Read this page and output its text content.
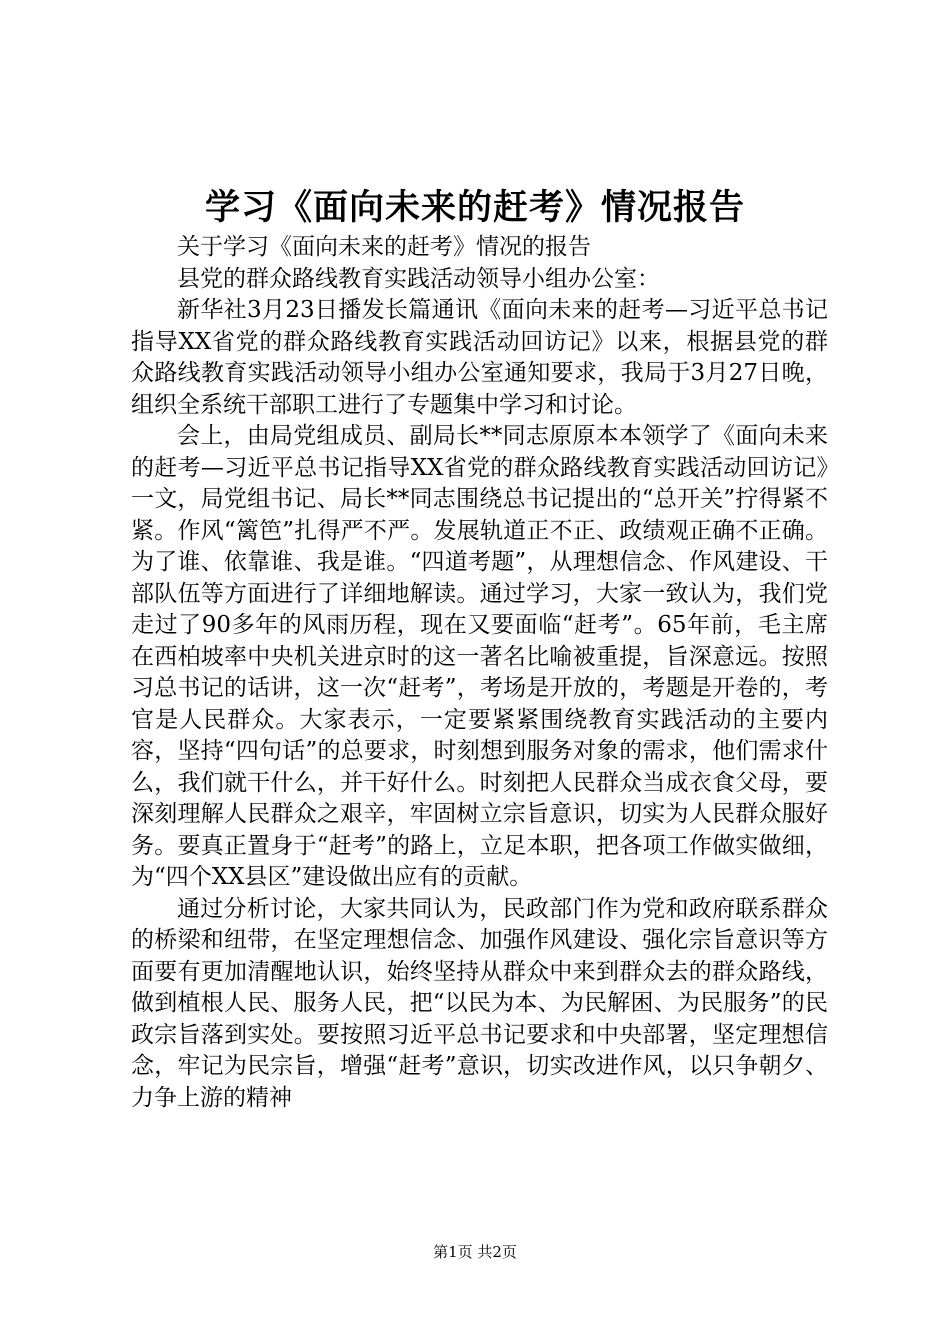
学习《面向未来的赶考》情况报告

关于学习《面向未来的赶考》情况的报告

县党的群众路线教育实践活动领导小组办公室：

新华社3月23日播发长篇通讯《面向未来的赶考—习近平总书记指导XX省党的群众路线教育实践活动回访记》以来，根据县党的群众路线教育实践活动领导小组办公室通知要求，我局于3月27日晚，组织全系统干部职工进行了专题集中学习和讨论。

会上，由局党组成员、副局长**同志原原本本领学了《面向未来的赶考—习近平总书记指导XX省党的群众路线教育实践活动回访记》一文，局党组书记、局长**同志围绕总书记提出的“总开关”拧得紧不紧。作风“篱笆”扎得严不严。发展轨道正不正、政绩观正确不正确。为了谁、依靠谁、我是谁。“四道考题”，从理想信念、作风建设、干部队伍等方面进行了详细地解读。通过学习，大家一致认为，我们党走过了90多年的风雨历程，现在又要面临“赶考”。65年前，毛主席在西柏坡率中央机关进京时的这一著名比喻被重提，旨深意远。按照习总书记的话讲，这一次“赶考”，考场是开放的，考题是开卷的，考官是人民群众。大家表示，一定要紧紧围绕教育实践活动的主要内容，坚持“四句话”的总要求，时刻想到服务对象的需求，他们需求什么，我们就干什么，并干好什么。时刻把人民群众当成衣食父母，要深刻理解人民群众之艰辛，牢固树立宗旨意识，切实为人民群众服好务。要真正置身于“赶考”的路上，立足本职，把各项工作做实做细，为“四个XX县区”建设做出应有的贡献。

通过分析讨论，大家共同认为，民政部门作为党和政府联系群众的桥梁和纽带，在坚定理想信念、加强作风建设、强化宗旨意识等方面要有更加清醒地认识，始终坚持从群众中来到群众去的群众路线，做到植根人民、服务人民，把“以民为本、为民解困、为民服务”的民政宗旨落到实处。要按照习近平总书记要求和中央部署，坚定理想信念，牢记为民宗旨，增强“赶考”意识，切实改进作风，以只争朝夕、力争上游的精神

第1页 共2页
